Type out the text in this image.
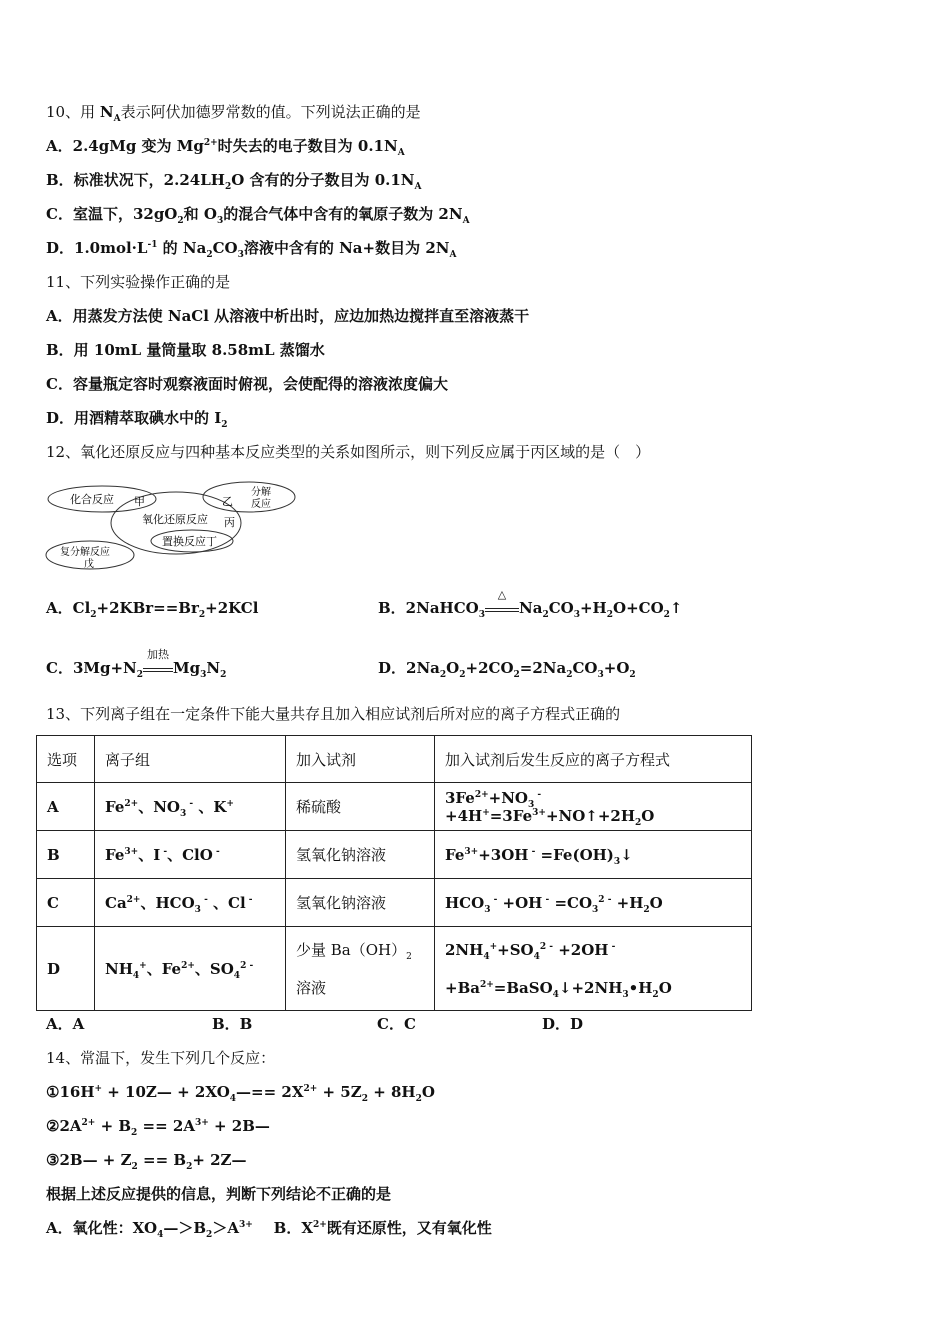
10、用 $N_A$表示阿伏加德罗常数的值。下列说法正确的是
A．2.4gMg 变为 $Mg^{2+}$时失去的电子数目为 $0.1N_A$
B．标准状况下，$2.24LH_2O$ 含有的分子数目为 $0.1N_A$
C．室温下，$32gO_2$和 $O_3$的混合气体中含有的氧原子数为 $2N_A$
D．$1.0mol\cdot L^{-1}$ 的 $Na_2CO_3$溶液中含有的 Na+数目为 $2N_A$
11、下列实验操作正确的是
A．用蒸发方法使 NaCl 从溶液中析出时，应边加热边搅拌直至溶液蒸干
B．用 10mL 量筒量取 8.58mL 蒸馏水
C．容量瓶定容时观察液面时俯视，会使配得的溶液浓度偏大
D．用酒精萃取碘水中的 $I_2$
12、氧化还原反应与四种基本反应类型的关系如图所示，则下列反应属于丙区域的是（　）
化合反应 甲
分解
反应
乙
氧化还原反应 丙
置换反应丁
复分解反应
戊
A．$Cl_2+2KBr==Br_2+2KCl$	B．2NaHCO$_3$
△
$Na_2CO_3+H_2O+CO_2↑$
C．$3Mg+N_2$
加热
$Mg_3N_2$	D．$2Na_2O_2+2CO_2=2Na_2CO_3+O_2$
13、下列离子组在一定条件下能大量共存且加入相应试剂后所对应的离子方程式正确的
选项	离子组	加入试剂	加入试剂后发生反应的离子方程式
A	$Fe^{2+}$、$NO_3$ - 、K+	稀硫酸	$3Fe^{2+}+NO_3$ $^- +4H^+=3Fe^{3+}+NO↑+2H_2O$
B	$Fe^{3+}$、I -、ClO -	氢氧化钠溶液	$Fe^{3+}+3OH$ $^- =Fe(OH)_3↓$
C	$Ca^{2+}$、$HCO_3$ - 、Cl -	氢氧化钠溶液	$HCO_3$ - +OH $^- =CO_3^{2 -} +H_2O$
D	$NH_4^+$、$Fe^{2+}$、$SO_4^{2 -}$	少量 $Ba(OH)_2$
溶液	$2NH_4^++SO_4^{2 -} +2OH$ -
$+Ba^{2+}=BaSO_4↓+2NH_3•H_2O$
A．A	B．B	C．C	D．D
14、常温下，发生下列几个反应：
①16H+ + 10Z— + $2XO_4—== 2X^{2+} + 5Z_2 + 8H_2O$
$②2A^{2+} + B_2 == 2A^{3+}$ + 2B—
③2B— + $Z_2 == B_2+$ 2Z—
根据上述反应提供的信息，判断下列结论不正确的是
A．氧化性：$XO_4—>B_2>A^{3+}$ B．$X^{2+}$既有还原性，又有氧化性
